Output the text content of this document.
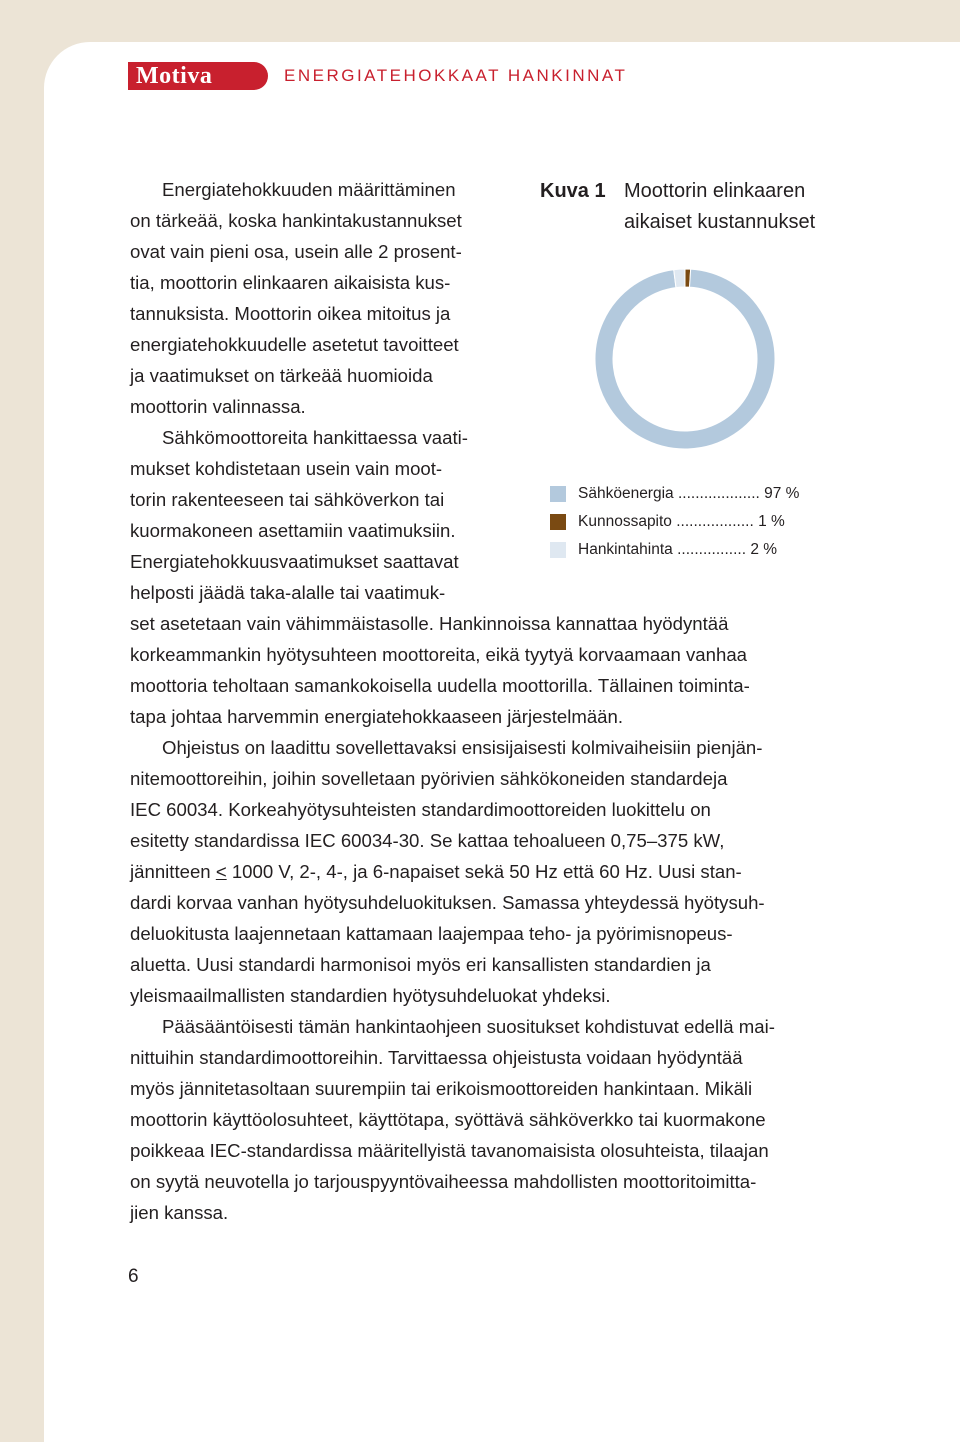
Motiva	ENERGIATEHOKKAAT HANKINNAT
Energiatehokkuuden määrittäminen
on tärkeää, koska hankintakustannukset
ovat vain pieni osa, usein alle 2 prosent-
tia, moottorin elinkaaren aikaisista kus-
tannuksista. Moottorin oikea mitoitus ja
energiatehokkuudelle asetetut tavoitteet
ja vaatimukset on tärkeää huomioida
moottorin valinnassa.
Sähkömoottoreita hankittaessa vaati-
mukset kohdistetaan usein vain moot-
torin rakenteeseen tai sähköverkon tai
kuormakoneen asettamiin vaatimuksiin.
Energiatehokkuusvaatimukset saattavat
helposti jäädä taka-alalle tai vaatimuk-
set asetetaan vain vähimmäistasolle. Hankinnoissa kannattaa hyödyntää
korkeammankin hyötysuhteen moottoreita, eikä tyytyä korvaamaan vanhaa
moottoria teholtaan samankokoisella uudella moottorilla. Tällainen toiminta-
tapa johtaa harvemmin energiatehokkaaseen järjestelmään.
Ohjeistus on laadittu sovellettavaksi ensisijaisesti kolmivaiheisiin pienjän-
nitemoottoreihin, joihin sovelletaan pyörivien sähkökoneiden standardeja
IEC 60034. Korkeahyötysuhteisten standardimoottoreiden luokittelu on
esitetty standardissa IEC 60034-30. Se kattaa tehoalueen 0,75–375 kW,
jännitteen ≤ 1000 V, 2-, 4-, ja 6-napaiset sekä 50 Hz että 60 Hz. Uusi stan-
dardi korvaa vanhan hyötysuhdeluokituksen. Samassa yhteydessä hyötysuh-
deluokitusta laajennetaan kattamaan laajempaa teho- ja pyörimisnopeus-
aluetta. Uusi standardi harmonisoi myös eri kansallisten standardien ja
yleismaailmallisten standardien hyötysuhdeluokat yhdeksi.
Pääsääntöisesti tämän hankintaohjeen suositukset kohdistuvat edellä mai-
nittuihin standardimoottoreihin. Tarvittaessa ohjeistusta voidaan hyödyntää
myös jännitetasoltaan suurempiin tai erikoismoottoreiden hankintaan. Mikäli
moottorin käyttöolosuhteet, käyttötapa, syöttävä sähköverkko tai kuormakone
poikkeaa IEC-standardissa määritellyistä tavanomaisista olosuhteista, tilaajan
on syytä neuvotella jo tarjouspyyntövaiheessa mahdollisten moottoritoimitta-
jien kanssa.
Kuva 1 Moottorin elinkaaren
aikaiset kustannukset
Sähköenergia ................... 97 %
Kunnossapito .................. 1 %
Hankintahinta ................ 2 %
6
